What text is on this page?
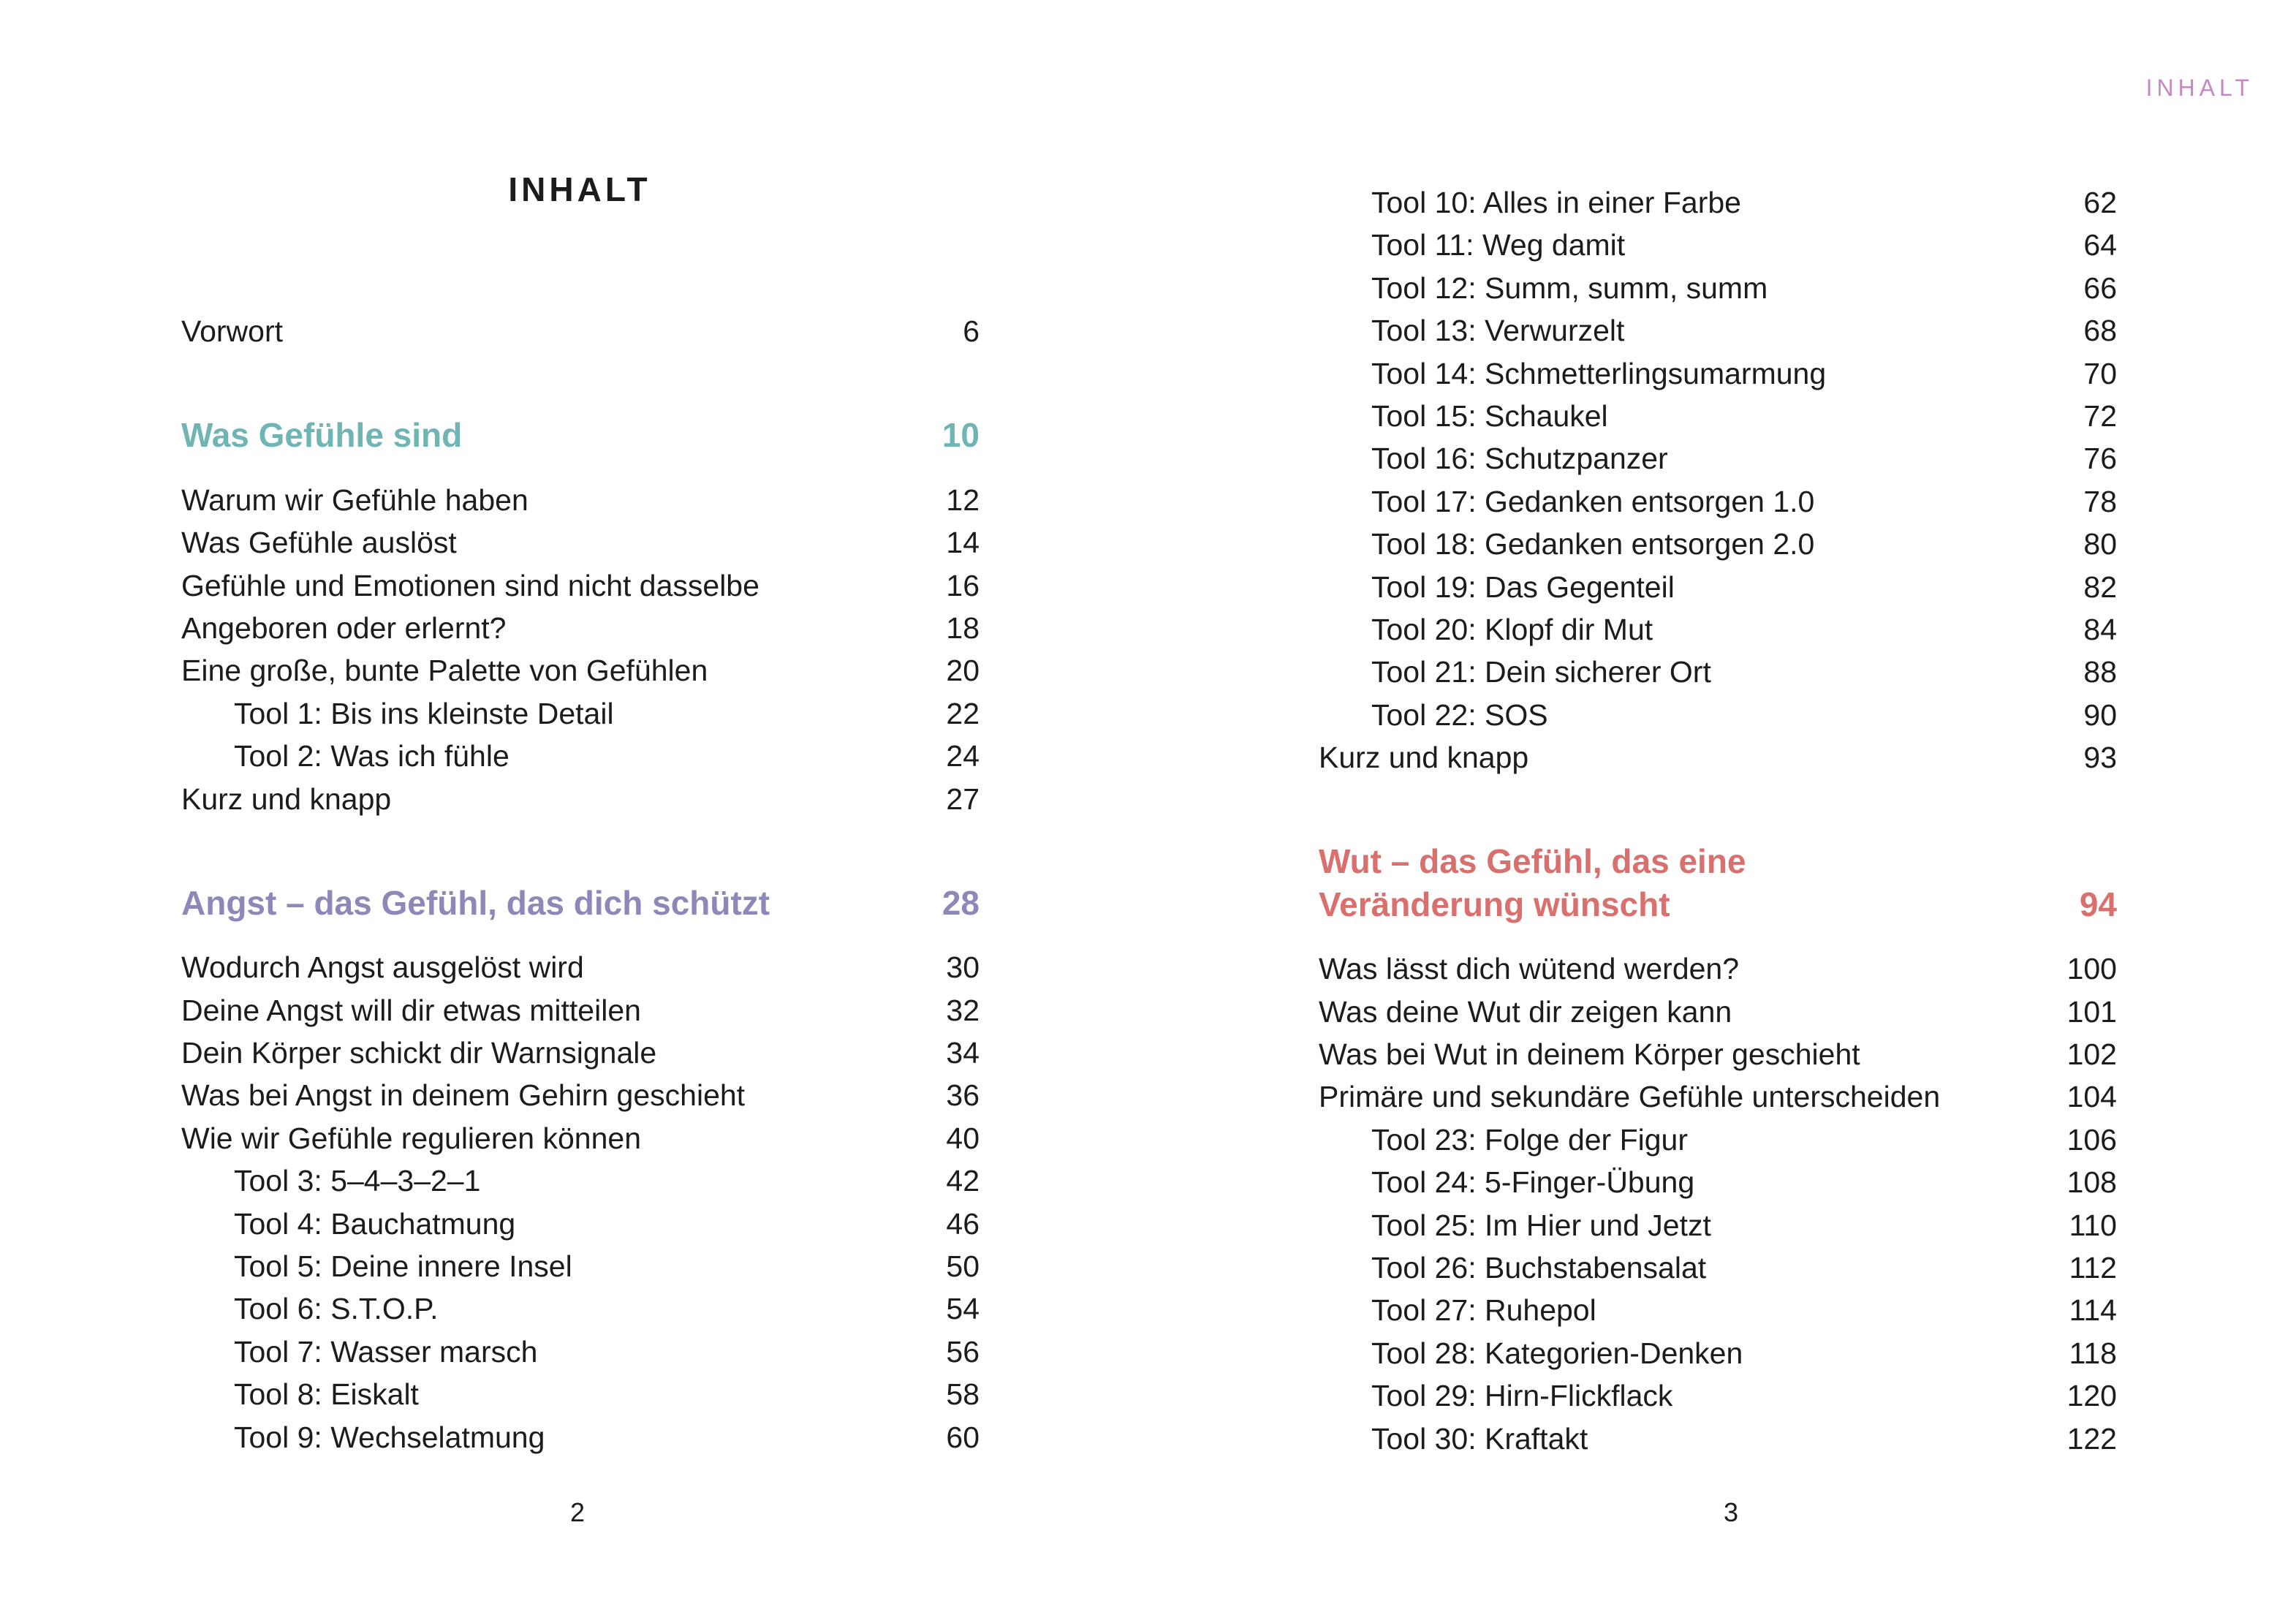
INHALT
Vorwort	6
Was Gefühle sind	10
Warum wir Gefühle haben	12
Was Gefühle auslöst	14
Gefühle und Emotionen sind nicht dasselbe	16
Angeboren oder erlernt?	18
Eine große, bunte Palette von Gefühlen	20
Tool 1: Bis ins kleinste Detail	22
Tool 2: Was ich fühle	24
Kurz und knapp	27
Angst – das Gefühl, das dich schützt	28
Wodurch Angst ausgelöst wird	30
Deine Angst will dir etwas mitteilen	32
Dein Körper schickt dir Warnsignale	34
Was bei Angst in deinem Gehirn geschieht	36
Wie wir Gefühle regulieren können	40
Tool 3: 5–4–3–2–1	42
Tool 4: Bauchatmung	46
Tool 5: Deine innere Insel	50
Tool 6: S.T.O.P.	54
Tool 7: Wasser marsch	56
Tool 8: Eiskalt	58
Tool 9: Wechselatmung	60
2
INHALT
Tool 10: Alles in einer Farbe	62
Tool 11: Weg damit	64
Tool 12: Summ, summ, summ	66
Tool 13: Verwurzelt	68
Tool 14: Schmetterlingsumarmung	70
Tool 15: Schaukel	72
Tool 16: Schutzpanzer	76
Tool 17: Gedanken entsorgen 1.0	78
Tool 18: Gedanken entsorgen 2.0	80
Tool 19: Das Gegenteil	82
Tool 20: Klopf dir Mut	84
Tool 21: Dein sicherer Ort	88
Tool 22: SOS	90
Kurz und knapp	93
Wut – das Gefühl, das eine
Veränderung wünscht	94
Was lässt dich wütend werden?	100
Was deine Wut dir zeigen kann	101
Was bei Wut in deinem Körper geschieht	102
Primäre und sekundäre Gefühle unterscheiden	104
Tool 23: Folge der Figur	106
Tool 24: 5-Finger-Übung	108
Tool 25: Im Hier und Jetzt	110
Tool 26: Buchstabensalat	112
Tool 27: Ruhepol	114
Tool 28: Kategorien-Denken	118
Tool 29: Hirn-Flickflack	120
Tool 30: Kraftakt	122
3
